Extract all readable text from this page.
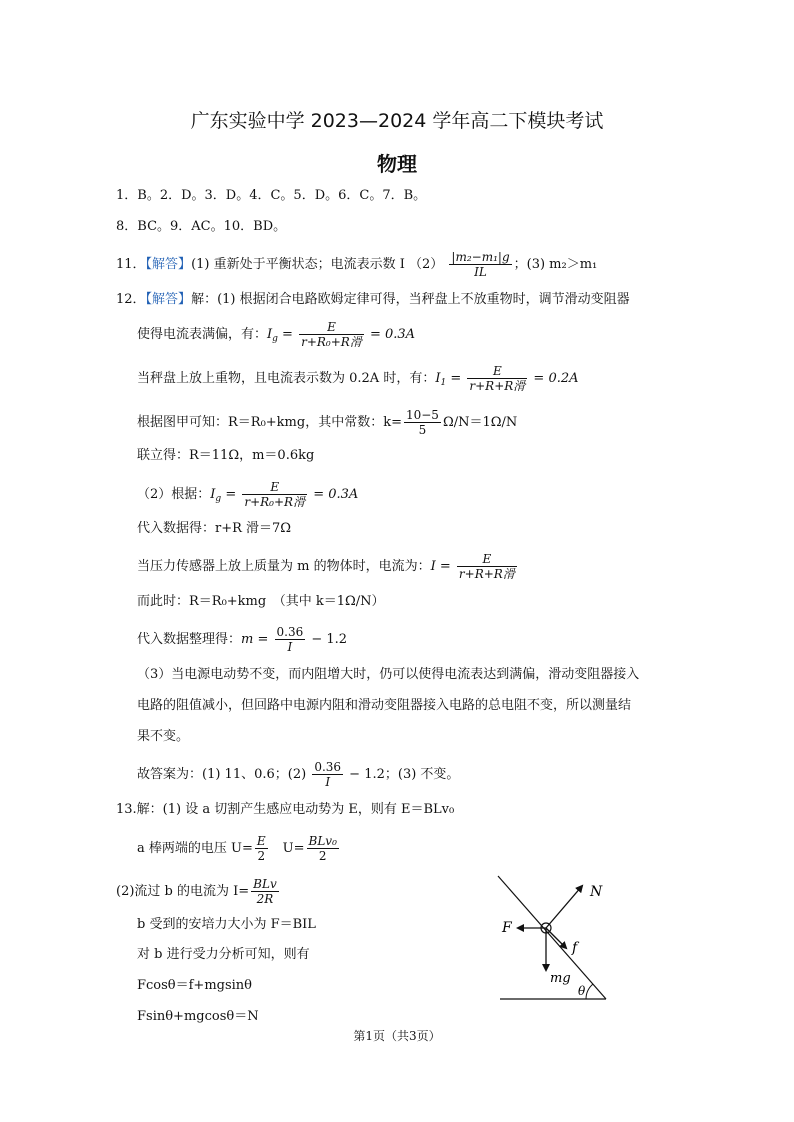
广东实验中学 2023—2024 学年高二下模块考试
物理
1．B。2．D。3．D。4．C。5．D。6．C。7．B。
8．BC。9．AC。10．BD。
11．【解答】(1) 重新处于平衡状态；电流表示数 I $(2) \frac{\text{|m₂−m₁|g}}{IL}$ ；(3) m₂＞m₁
12．【解答】解：(1) 根据闭合电路欧姆定律可得，当秤盘上不放重物时，调节滑动变阻器
使得电流表满偏，有：$I_g = \frac{E}{\text{r+R₀+R滑}} = 0.3A$
当秤盘上放上重物，且电流表示数为 0.2A 时，有：$I_1 = \frac{E}{\text{r+R+R滑}} = 0.2A$
根据图甲可知：R＝R₀+kmg，其中常数：$k= \frac{10-5}{5} \Omega/N=1\Omega/N$
联立得：R＝11Ω，m＝0.6kg
（2）根据：$I_g = \frac{E}{\text{r+R₀+R滑}} = 0.3A$
代入数据得：r+R 滑＝7Ω
当压力传感器上放上质量为 m 的物体时，电流为：$I = \frac{E}{\text{r+R+R滑}}$
而此时：R＝R₀+kmg　（其中 k＝1Ω/N）
代入数据整理得：$m = \frac{0.36}{I} - 1.2$
（3）当电源电动势不变，而内阻增大时，仍可以使得电流表达到满偏，滑动变阻器接入
电路的阻值减小，但回路中电源内阻和滑动变阻器接入电路的总电阻不变，所以测量结
果不变。
故答案为：(1) 11、0.6；$(2) \frac{0.36}{I} - 1.2$；(3) 不变。
13.解：(1) 设 a 切割产生感应电动势为 E，则有 E＝BLv₀
a 棒两端的电压 $U= \frac{E}{2}$ 　$U= \frac{\text{BLv₀}}{2}$
(2)流过 b 的电流为 $I= \frac{\text{BLv}}{2R}$
b 受到的安培力大小为 F＝BIL
对 b 进行受力分析可知，则有
Fcosθ＝f+mgsinθ
Fsinθ+mgcosθ＝N
N
F
f
mg
θ
第1页（共3页）
